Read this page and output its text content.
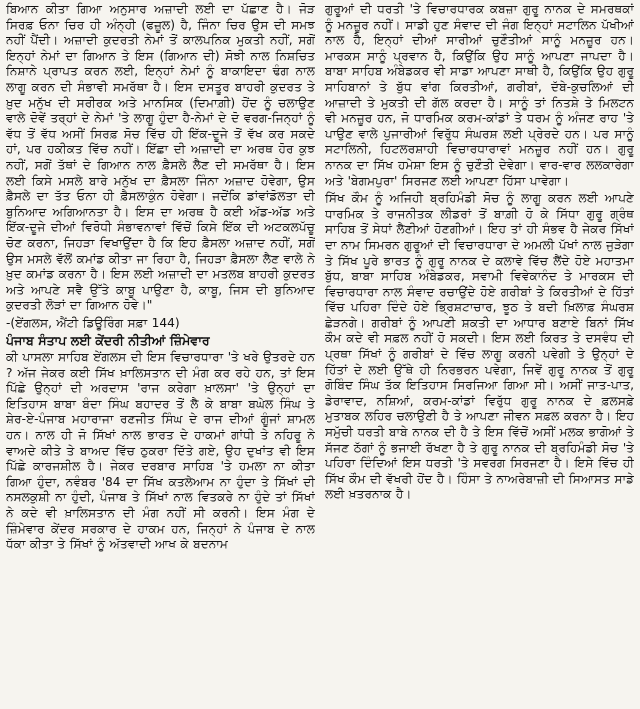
ਬਿਆਨ ਕੀਤਾ ਗਿਆ ਅਨੁਸਾਰ ਅਜ਼ਾਦੀ ਲਈ ਦਾ ਪੱਛਾਣ ਹੈ। ਜੋੜ ਸਿਰਫ਼ ਓਨਾ ਚਿਰ ਹੀ ਅੰਨ੍ਹੀ (ਫਜ਼ੂਲ) ਹੈ, ਜਿੰਨਾ ਚਿਰ ਉਸ ਦੀ ਸਮਝ ਨਹੀਂ ਪੈਂਦੀ। ਅਜ਼ਾਦੀ ਕੁਦਰਤੀ ਨੇਮਾਂ ਤੋਂ ਕਾਲਪਨਿਕ ਮੁਕਤੀ ਨਹੀਂ, ਸਗੋਂ ਇਨ੍ਹਾਂ ਨੇਮਾਂ ਦਾ ਗਿਆਨ ਤੇ ਇਸ (ਗਿਆਨ ਦੀ) ਸੋਝੀ ਨਾਲ ਨਿਸ਼ਚਿਤ ਨਿਸ਼ਾਨੇ ਪ੍ਰਾਪਤ ਕਰਨ ਲਈ, ਇਨ੍ਹਾਂ ਨੇਮਾਂ ਨੂੰ ਬਾਕਾਇਦਾ ਢੰਗ ਨਾਲ ਲਾਗੂ ਕਰਨ ਦੀ ਸੰਭਾਵੀ ਸਮਰੱਥਾ ਹੈ। ਇਸ ਦਸਤੂਰ ਬਾਹਰੀ ਕੁਦਰਤ ਤੇ ਖ਼ੁਦ ਮਨੁੱਖ ਦੀ ਸਰੀਰਕ ਅਤੇ ਮਾਨਸਿਕ (ਦਿਮਾਗ਼ੀ) ਹੋਂਦ ਨੂੰ ਚਲਾਉਣ ਵਾਲੇ ਦੋਵੇਂ ਤਰ੍ਹਾਂ ਦੇ ਨੇਮਾਂ 'ਤੇ ਲਾਗੂ ਹੁੰਦਾ ਹੈ-ਨੇਮਾਂ ਦੇ ਦੋ ਵਰਗ-ਜਿਨ੍ਹਾਂ ਨੂੰ ਵੱਧ ਤੋਂ ਵੱਧ ਅਸੀਂ ਸਿਰਫ਼ ਸੋਚ ਵਿੱਚ ਹੀ ਇੱਕ-ਦੂਜੇ ਤੋਂ ਵੱਖ ਕਰ ਸਕਦੇ ਹਾਂ, ਪਰ ਹਕੀਕਤ ਵਿੱਚ ਨਹੀਂ। ਇੱਛਾ ਦੀ ਅਜ਼ਾਦੀ ਦਾ ਅਰਥ ਹੋਰ ਕੁਝ ਨਹੀਂ, ਸਗੋਂ ਤੱਥਾਂ ਦੇ ਗਿਆਨ ਨਾਲ ਫ਼ੈਸਲੇ ਲੈਣ ਦੀ ਸਮਰੱਥਾ ਹੈ। ਇਸ ਲਈ ਕਿਸੇ ਮਸਲੇ ਬਾਰੇ ਮਨੁੱਖ ਦਾ ਫ਼ੈਸਲਾ ਜਿੰਨਾ ਅਜ਼ਾਦ ਹੋਵੇਗਾ, ਉਸ ਫ਼ੈਸਲੇ ਦਾ ਤੱਤ ਓਨਾ ਹੀ ਫ਼ੈਸਲਾਕੁੰਨ ਹੋਵੇਗਾ। ਜਦੋਂਕਿ ਡਾਂਵਾਂਡੋਲਤਾ ਦੀ ਬੁਨਿਆਦ ਅਗਿਆਨਤਾ ਹੈ। ਇਸ ਦਾ ਅਰਥ ਹੈ ਕਈ ਅੱਡ-ਅੱਡ ਅਤੇ ਇੱਕ-ਦੂਜੇ ਦੀਆਂ ਵਿਰੋਧੀ ਸੰਭਾਵਨਾਵਾਂ ਵਿੱਚੋਂ ਕਿਸੇ ਇੱਕ ਦੀ ਅਟਕਲਪੱਚੂ ਚੋਣ ਕਰਨਾ, ਜਿਹੜਾ ਵਿਖਾਉਂਦਾ ਹੈ ਕਿ ਇਹ ਫ਼ੈਸਲਾ ਅਜ਼ਾਦ ਨਹੀਂ, ਸਗੋਂ ਉਸ ਮਸਲੇ ਵੱਲੋਂ ਕਮਾਂਡ ਕੀਤਾ ਜਾ ਰਿਹਾ ਹੈ, ਜਿਹੜਾ ਫ਼ੈਸਲਾ ਲੈਣ ਵਾਲੇ ਨੇ ਖ਼ੁਦ ਕਮਾਂਡ ਕਰਨਾ ਹੈ। ਇਸ ਲਈ ਅਜ਼ਾਦੀ ਦਾ ਮਤਲਬ ਬਾਹਰੀ ਕੁਦਰਤ ਅਤੇ ਆਪਣੇ ਸਵੈ ਉੱਤੇ ਕਾਬੂ ਪਾਉਣਾ ਹੈ, ਕਾਬੂ, ਜਿਸ ਦੀ ਬੁਨਿਆਦ ਕੁਦਰਤੀ ਲੋੜਾਂ ਦਾ ਗਿਆਨ ਹੋਵੇ।"

-(ਏਂਗਲਸ, ਐਂਟੀ ਡਿਊਰਿੰਗ ਸਫ਼ਾ 144)

ਪੰਜਾਬ ਸੰਤਾਪ ਲਈ ਕੇਂਦਰੀ ਨੀਤੀਆਂ ਜ਼ਿੰਮੇਵਾਰ

ਕੀ ਪਾਸਲਾ ਸਾਹਿਬ ਏਂਗਲਸ ਦੀ ਇਸ ਵਿਚਾਰਧਾਰਾ 'ਤੇ ਖਰੇ ਉਤਰਦੇ ਹਨ ? ਅੱਜ ਜੇਕਰ ਕਈ ਸਿੱਖ ਖ਼ਾਲਿਸਤਾਨ ਦੀ ਮੰਗ ਕਰ ਰਹੇ ਹਨ, ਤਾਂ ਇਸ ਪਿੱਛੇ ਉਨ੍ਹਾਂ ਦੀ ਅਰਦਾਸ 'ਰਾਜ ਕਰੇਗਾ ਖ਼ਾਲਸਾ' 'ਤੇ ਉਨ੍ਹਾਂ ਦਾ ਇਤਿਹਾਸ ਬਾਬਾ ਬੰਦਾ ਸਿੰਘ ਬਹਾਦਰ ਤੋਂ ਲੈ ਕੇ ਬਾਬਾ ਬਘੇਲ ਸਿੰਘ ਤੇ ਸ਼ੇਰ-ਏ-ਪੰਜਾਬ ਮਹਾਰਾਜਾ ਰਣਜੀਤ ਸਿੰਘ ਦੇ ਰਾਜ ਦੀਆਂ ਗੂੰਜਾਂ ਸ਼ਾਮਲ ਹਨ। ਨਾਲ ਹੀ ਜੋ ਸਿੱਖਾਂ ਨਾਲ ਭਾਰਤ ਦੇ ਹਾਕਮਾਂ ਗਾਂਧੀ ਤੇ ਨਹਿਰੂ ਨੇ ਵਾਅਦੇ ਕੀਤੇ ਤੇ ਬਾਅਦ ਵਿੱਚ ਠੁਕਰਾ ਦਿੱਤੇ ਗਏ, ਉਹ ਦੁਖਾਂਤ ਵੀ ਇਸ ਪਿੱਛੇ ਕਾਰਜਸ਼ੀਲ ਹੈ। ਜੇਕਰ ਦਰਬਾਰ ਸਾਹਿਬ 'ਤੇ ਹਮਲਾ ਨਾ ਕੀਤਾ ਗਿਆ ਹੁੰਦਾ, ਨਵੰਬਰ '84 ਦਾ ਸਿੱਖ ਕਤਲੇਆਮ ਨਾ ਹੁੰਦਾ ਤੇ ਸਿੱਖਾਂ ਦੀ ਨਸਲਕੁਸ਼ੀ ਨਾ ਹੁੰਦੀ, ਪੰਜਾਬ ਤੇ ਸਿੱਖਾਂ ਨਾਲ ਵਿਤਕਰੇ ਨਾ ਹੁੰਦੇ ਤਾਂ ਸਿੱਖਾਂ ਨੇ ਕਦੇ ਵੀ ਖ਼ਾਲਿਸਤਾਨ ਦੀ ਮੰਗ ਨਹੀਂ ਸੀ ਕਰਨੀ। ਇਸ ਮੰਗ ਦੇ ਜ਼ਿੰਮੇਵਾਰ ਕੇਂਦਰ ਸਰਕਾਰ ਦੇ ਹਾਕਮ ਹਨ, ਜਿਨ੍ਹਾਂ ਨੇ ਪੰਜਾਬ ਦੇ ਨਾਲ ਧੱਕਾ ਕੀਤਾ ਤੇ ਸਿੱਖਾਂ ਨੂੰ ਅੱਤਵਾਦੀ ਆਖ ਕੇ ਬਦਨਾਮ

ਗੁਰੂਆਂ ਦੀ ਧਰਤੀ 'ਤੇ ਵਿਚਾਰਧਾਰਕ ਕਬਜ਼ਾ ਗੁਰੂ ਨਾਨਕ ਦੇ ਸਮਰਥਕਾਂ ਨੂੰ ਮਨਜ਼ੂਰ ਨਹੀਂ। ਸਾਡੀ ਹੁਣ ਸੰਵਾਦ ਦੀ ਜੰਗ ਇਨ੍ਹਾਂ ਸਟਾਲਿਨ ਪੱਖੀਆਂ ਨਾਲ ਹੈ, ਇਨ੍ਹਾਂ ਦੀਆਂ ਸਾਰੀਆਂ ਚੁਣੌਤੀਆਂ ਸਾਨੂੰ ਮਨਜ਼ੂਰ ਹਨ। ਮਾਰਕਸ ਸਾਨੂੰ ਪ੍ਰਵਾਨ ਹੈ, ਕਿਉਂਕਿ ਉਹ ਸਾਨੂੰ ਆਪਣਾ ਜਾਪਦਾ ਹੈ। ਬਾਬਾ ਸਾਹਿਬ ਅੰਬੇਡਕਰ ਵੀ ਸਾਡਾ ਆਪਣਾ ਸਾਥੀ ਹੈ, ਕਿਉਂਕਿ ਉਹ ਗੁਰੂ ਸਾਹਿਬਾਨਾਂ ਤੇ ਬੁੱਧ ਵਾਂਗ ਕਿਰਤੀਆਂ, ਗਰੀਬਾਂ, ਦੱਬੇ-ਕੁਚਲਿਆਂ ਦੀ ਆਜ਼ਾਦੀ ਤੇ ਮੁਕਤੀ ਦੀ ਗੱਲ ਕਰਦਾ ਹੈ। ਸਾਨੂੰ ਤਾਂ ਨਿਤਸ਼ੇ ਤੇ ਮਿਲਟਨ ਵੀ ਮਨਜ਼ੂਰ ਹਨ, ਜੋ ਧਾਰਮਿਕ ਕਰਮ-ਕਾਂਡਾਂ ਤੇ ਧਰਮ ਨੂੰ ਅੰਜਣ ਰਾਹ 'ਤੇ ਪਾਉਣ ਵਾਲੇ ਪੁਜਾਰੀਆਂ ਵਿਰੁੱਧ ਸੰਘਰਸ਼ ਲਈ ਪ੍ਰੇਰਦੇ ਹਨ। ਪਰ ਸਾਨੂੰ ਸਟਾਲਿਨੀ, ਹਿਟਲਰਸ਼ਾਹੀ ਵਿਚਾਰਧਾਰਾਵਾਂ ਮਨਜ਼ੂਰ ਨਹੀਂ ਹਨ। ਗੁਰੂ ਨਾਨਕ ਦਾ ਸਿੱਖ ਹਮੇਸ਼ਾ ਇਸ ਨੂੰ ਚੁਣੌਤੀ ਦੇਵੇਗਾ। ਵਾਰ-ਵਾਰ ਲਲਕਾਰੇਗਾ ਅਤੇ 'ਬੇਗਮਪੁਰਾ' ਸਿਰਜਣ ਲਈ ਆਪਣਾ ਹਿੱਸਾ ਪਾਵੇਗਾ।

ਸਿੱਖ ਕੌਮ ਨੂੰ ਅਜਿਹੀ ਬ੍ਰਹਿਮੰਡੀ ਸੋਚ ਨੂੰ ਲਾਗੂ ਕਰਨ ਲਈ ਆਪਣੇ ਧਾਰਮਿਕ ਤੇ ਰਾਜਨੀਤਕ ਲੀਡਰਾਂ ਤੋਂ ਬਾਗ਼ੀ ਹੋ ਕੇ ਸਿੱਧਾ ਗੁਰੂ ਗ੍ਰੰਥ ਸਾਹਿਬ ਤੋਂ ਸੇਧਾਂ ਲੈਣੀਆਂ ਹੋਣਗੀਆਂ। ਇਹ ਤਾਂ ਹੀ ਸੰਭਵ ਹੈ ਜੇਕਰ ਸਿੱਖਾਂ ਦਾ ਨਾਮ ਸਿਮਰਨ ਗੁਰੂਆਂ ਦੀ ਵਿਚਾਰਧਾਰਾ ਦੇ ਅਮਲੀ ਪੱਖਾਂ ਨਾਲ ਜੁੜੇਗਾ ਤੇ ਸਿੱਖ ਪੂਰੇ ਭਾਰਤ ਨੂੰ ਗੁਰੂ ਨਾਨਕ ਦੇ ਕਲਾਵੇ ਵਿੱਚ ਲੈਂਦੇ ਹੋਏ ਮਹਾਤਮਾ ਬੁੱਧ, ਬਾਬਾ ਸਾਹਿਬ ਅੰਬੇਡਕਰ, ਸਵਾਮੀ ਵਿਵੇਕਾਨੰਦ ਤੇ ਮਾਰਕਸ ਦੀ ਵਿਚਾਰਧਾਰਾ ਨਾਲ ਸੰਵਾਦ ਰਚਾਉਂਦੇ ਹੋਏ ਗਰੀਬਾਂ ਤੇ ਕਿਰਤੀਆਂ ਦੇ ਹਿੱਤਾਂ ਵਿੱਚ ਪਹਿਰਾ ਦਿੰਦੇ ਹੋਏ ਭ੍ਰਿਸ਼ਟਾਚਾਰ, ਝੂਠ ਤੇ ਬਦੀ ਖ਼ਿਲਾਫ਼ ਸੰਘਰਸ਼ ਛੇੜਨਗੇ। ਗਰੀਬਾਂ ਨੂੰ ਆਪਣੀ ਸ਼ਕਤੀ ਦਾ ਆਧਾਰ ਬਣਾਏ ਬਿਨਾਂ ਸਿੱਖ ਕੌਮ ਕਦੇ ਵੀ ਸਫ਼ਲ ਨਹੀਂ ਹੋ ਸਕਦੀ। ਇਸ ਲਈ ਕਿਰਤ ਤੇ ਦਸਵੰਧ ਦੀ ਪ੍ਰਥਾ ਸਿੱਖਾਂ ਨੂੰ ਗਰੀਬਾਂ ਦੇ ਵਿੱਚ ਲਾਗੂ ਕਰਨੀ ਪਵੇਗੀ ਤੇ ਉਨ੍ਹਾਂ ਦੇ ਹਿੱਤਾਂ ਦੇ ਲਈ ਉੱਥੇ ਹੀ ਨਿਰਭਰਨ ਪਵੇਗਾ, ਜਿਵੇਂ ਗੁਰੂ ਨਾਨਕ ਤੋਂ ਗੁਰੂ ਗੋਬਿੰਦ ਸਿੰਘ ਤੱਕ ਇਤਿਹਾਸ ਸਿਰਜਿਆ ਗਿਆ ਸੀ। ਅਸੀਂ ਜਾਤ-ਪਾਤ, ਡੇਰਾਵਾਦ, ਨਸ਼ਿਆਂ, ਕਰਮ-ਕਾਂਡਾਂ ਵਿਰੁੱਧ ਗੁਰੂ ਨਾਨਕ ਦੇ ਫ਼ਲਸਫ਼ੇ ਮੁਤਾਬਕ ਲਹਿਰ ਚਲਾਉਣੀ ਹੈ ਤੇ ਆਪਣਾ ਜੀਵਨ ਸਫ਼ਲ ਕਰਨਾ ਹੈ। ਇਹ ਸਮੁੱਚੀ ਧਰਤੀ ਬਾਬੇ ਨਾਨਕ ਦੀ ਹੈ ਤੇ ਇਸ ਵਿੱਚੋਂ ਅਸੀਂ ਮਲਕ ਭਾਗੋਆਂ ਤੇ ਸੱਜਣ ਠੱਗਾਂ ਨੂੰ ਭਜਾਈ ਰੱਖਣਾ ਹੈ ਤੇ ਗੁਰੂ ਨਾਨਕ ਦੀ ਬ੍ਰਹਿਮੰਡੀ ਸੋਚ 'ਤੇ ਪਹਿਰਾ ਦਿੰਦਿਆਂ ਇਸ ਧਰਤੀ 'ਤੇ ਸਵਰਗ ਸਿਰਜਣਾ ਹੈ। ਇਸੇ ਵਿੱਚ ਹੀ ਸਿੱਖ ਕੌਮ ਦੀ ਵੱਖਰੀ ਹੋਂਦ ਹੈ। ਹਿੰਸਾ ਤੇ ਨਾਅਰੇਬਾਜ਼ੀ ਦੀ ਸਿਆਸਤ ਸਾਡੇ ਲਈ ਖ਼ਤਰਨਾਕ ਹੈ।
